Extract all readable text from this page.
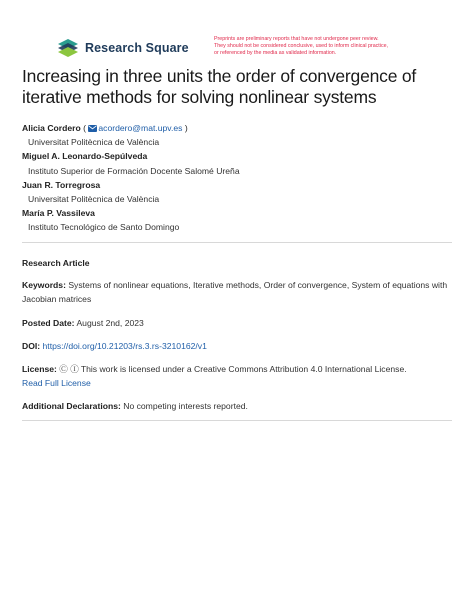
Research Square
Preprints are preliminary reports that have not undergone peer review.
They should not be considered conclusive, used to inform clinical practice,
or referenced by the media as validated information.
Increasing in three units the order of convergence of iterative methods for solving nonlinear systems
Alicia Cordero ( acordero@mat.upv.es )
Universitat Politècnica de València
Miguel A. Leonardo-Sepúlveda
Instituto Superior de Formación Docente Salomé Ureña
Juan R. Torregrosa
Universitat Politècnica de València
María P. Vassileva
Instituto Tecnológico de Santo Domingo
Research Article
Keywords: Systems of nonlinear equations, Iterative methods, Order of convergence, System of equations with Jacobian matrices
Posted Date: August 2nd, 2023
DOI: https://doi.org/10.21203/rs.3.rs-3210162/v1
License: Ⓒ Ⓘ This work is licensed under a Creative Commons Attribution 4.0 International License.
Read Full License
Additional Declarations: No competing interests reported.
